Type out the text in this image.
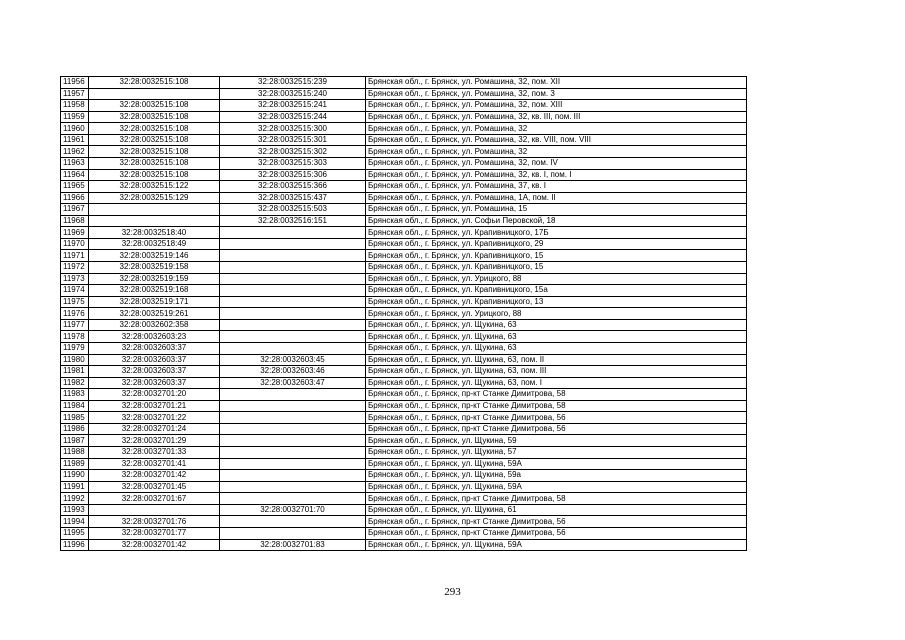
11956	32:28:0032515:108	32:28:0032515:239	Брянская обл., г. Брянск, ул. Ромашина, 32, пом. XII
11957		32:28:0032515:240	Брянская обл., г. Брянск, ул. Ромашина, 32, пом. 3
11958	32:28:0032515:108	32:28:0032515:241	Брянская обл., г. Брянск, ул. Ромашина, 32, пом. XIII
11959	32:28:0032515:108	32:28:0032515:244	Брянская обл., г. Брянск, ул. Ромашина, 32, кв. III, пом. III
11960	32:28:0032515:108	32:28:0032515:300	Брянская обл., г. Брянск, ул. Ромашина, 32
11961	32:28:0032515:108	32:28:0032515:301	Брянская обл., г. Брянск, ул. Ромашина, 32, кв. VIII, пом. VIII
11962	32:28:0032515:108	32:28:0032515:302	Брянская обл., г. Брянск, ул. Ромашина, 32
11963	32:28:0032515:108	32:28:0032515:303	Брянская обл., г. Брянск, ул. Ромашина, 32, пом. IV
11964	32:28:0032515:108	32:28:0032515:306	Брянская обл., г. Брянск, ул. Ромашина, 32, кв. I, пом. I
11965	32:28:0032515:122	32:28:0032515:366	Брянская обл., г. Брянск, ул. Ромашина, 37, кв. I
11966	32:28:0032515:129	32:28:0032515:437	Брянская обл., г. Брянск, ул. Ромашина, 1А, пом. II
11967		32:28:0032515:503	Брянская обл., г. Брянск, ул. Ромашина, 15
11968		32:28:0032516:151	Брянская обл., г. Брянск, ул. Софьи Перовской, 18
11969	32:28:0032518:40		Брянская обл., г. Брянск, ул. Крапивницкого, 17Б
11970	32:28:0032518:49		Брянская обл., г. Брянск, ул. Крапивницкого, 29
11971	32:28:0032519:146		Брянская обл., г. Брянск, ул. Крапивницкого, 15
11972	32:28:0032519:158		Брянская обл., г. Брянск, ул. Крапивницкого, 15
11973	32:28:0032519:159		Брянская обл., г. Брянск, ул. Урицкого, 88
11974	32:28:0032519:168		Брянская обл., г. Брянск, ул. Крапивницкого, 15а
11975	32:28:0032519:171		Брянская обл., г. Брянск, ул. Крапивницкого, 13
11976	32:28:0032519:261		Брянская обл., г. Брянск, ул. Урицкого, 88
11977	32:28:0032602:358		Брянская обл., г. Брянск, ул. Щукина, 63
11978	32:28:0032603:23		Брянская обл., г. Брянск, ул. Щукина, 63
11979	32:28:0032603:37		Брянская обл., г. Брянск, ул. Щукина, 63
11980	32:28:0032603:37	32:28:0032603:45	Брянская обл., г. Брянск, ул. Щукина, 63, пом. II
11981	32:28:0032603:37	32:28:0032603:46	Брянская обл., г. Брянск, ул. Щукина, 63, пом. III
11982	32:28:0032603:37	32:28:0032603:47	Брянская обл., г. Брянск, ул. Щукина, 63, пом. I
11983	32:28:0032701:20		Брянская обл., г. Брянск, пр-кт Станке Димитрова, 58
11984	32:28:0032701:21		Брянская обл., г. Брянск, пр-кт Станке Димитрова, 58
11985	32:28:0032701:22		Брянская обл., г. Брянск, пр-кт Станке Димитрова, 56
11986	32:28:0032701:24		Брянская обл., г. Брянск, пр-кт Станке Димитрова, 56
11987	32:28:0032701:29		Брянская обл., г. Брянск, ул. Щукина, 59
11988	32:28:0032701:33		Брянская обл., г. Брянск, ул. Щукина, 57
11989	32:28:0032701:41		Брянская обл., г. Брянск, ул. Щукина, 59А
11990	32:28:0032701:42		Брянская обл., г. Брянск, ул. Щукина, 59а
11991	32:28:0032701:45		Брянская обл., г. Брянск, ул. Щукина, 59А
11992	32:28:0032701:67		Брянская обл., г. Брянск, пр-кт Станке Димитрова, 58
11993		32:28:0032701:70	Брянская обл., г. Брянск, ул. Щукина, 61
11994	32:28:0032701:76		Брянская обл., г. Брянск, пр-кт Станке Димитрова, 56
11995	32:28:0032701:77		Брянская обл., г. Брянск, пр-кт Станке Димитрова, 56
11996	32:28:0032701:42	32:28:0032701:83	Брянская обл., г. Брянск, ул. Щукина, 59А
293
